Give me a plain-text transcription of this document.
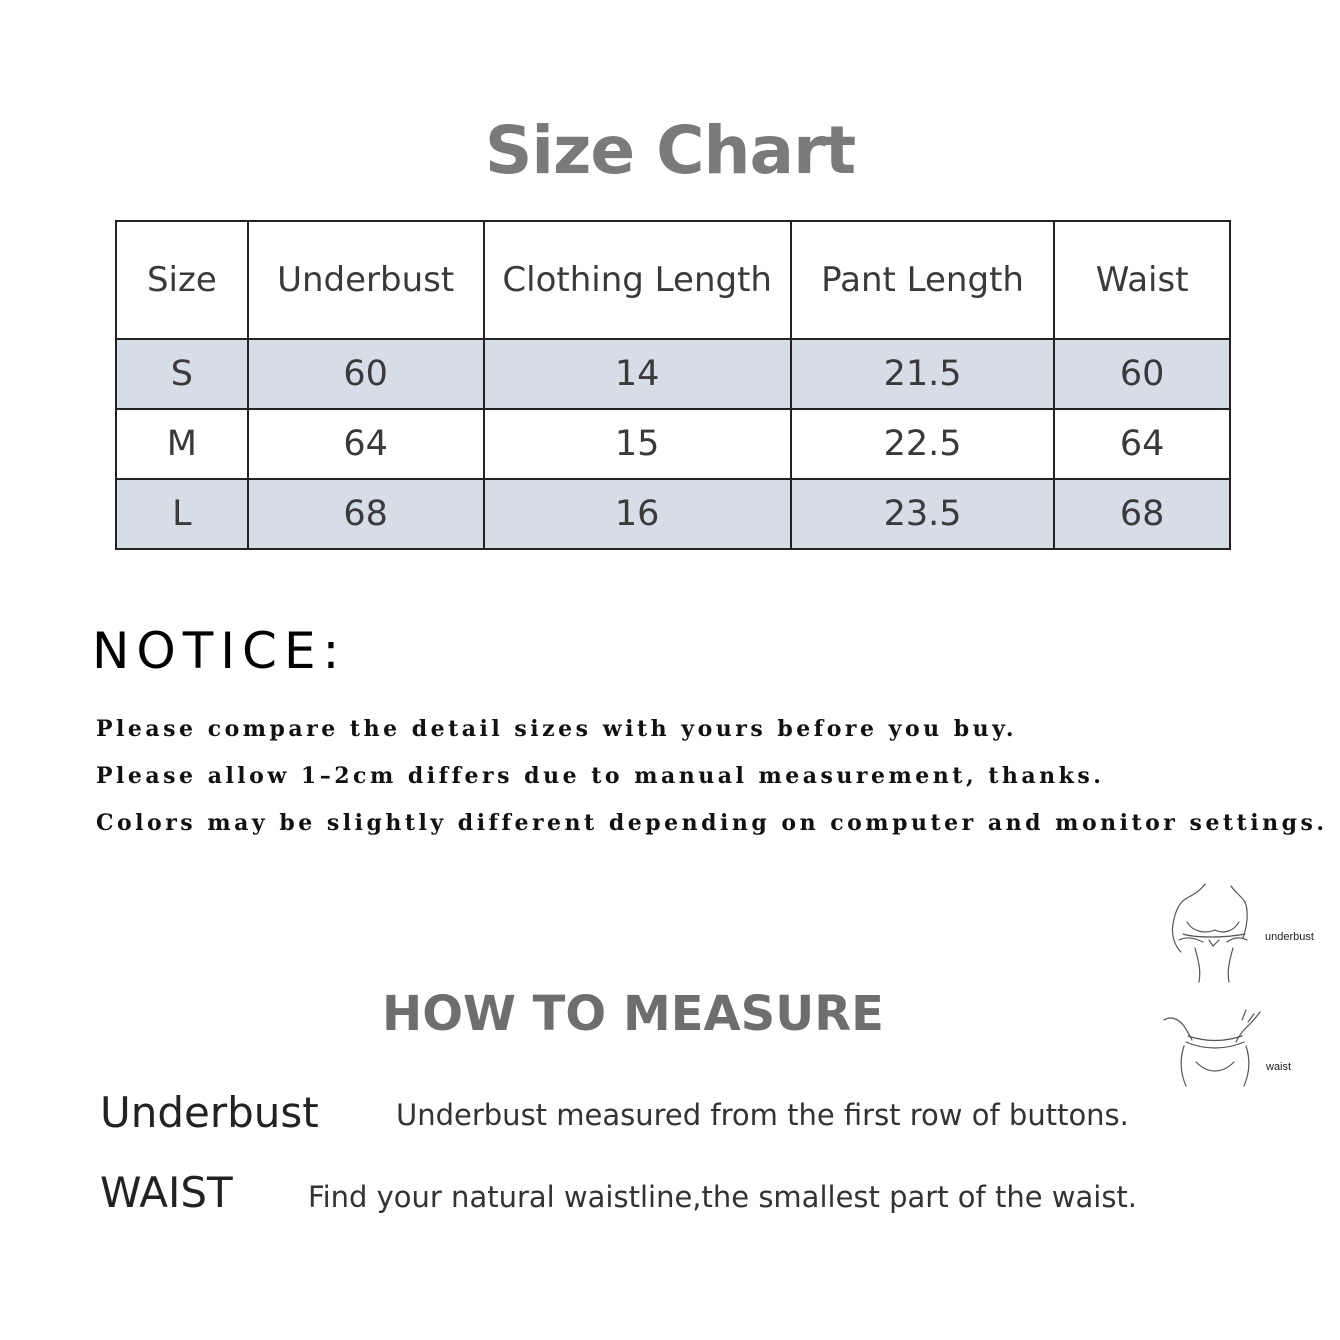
Size Chart
Size	Underbust	Clothing Length	Pant Length	Waist
S	60	14	21.5	60
M	64	15	22.5	64
L	68	16	23.5	68
NOTICE:
Please compare the detail sizes with yours before you buy.
Please allow 1–2cm differs due to manual measurement, thanks.
Colors may be slightly different depending on computer and monitor settings.
underbust
waist
HOW TO MEASURE
Underbust	Underbust measured from the first row of buttons.
WAIST	Find your natural waistline,the smallest part of the waist.
